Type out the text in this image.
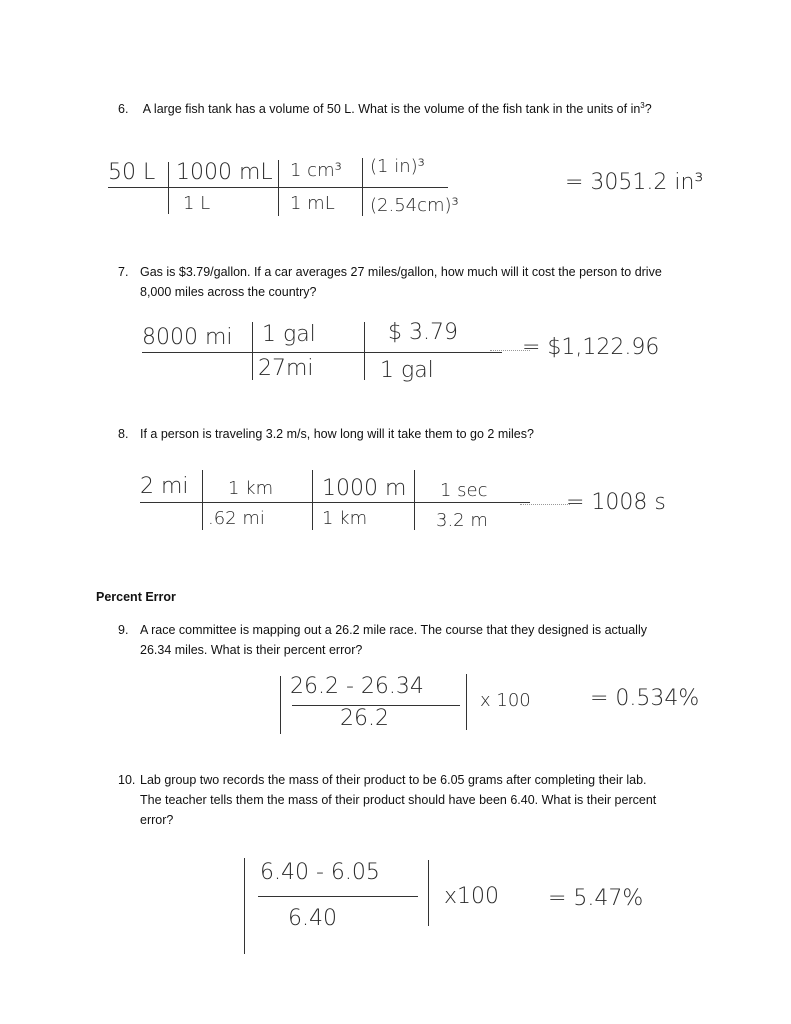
6. A large fish tank has a volume of 50 L. What is the volume of the fish tank in the units of $in^3$?
50 L 1000 mL
1 L
1 cm³
1 mL
(1 in)³
(2.54cm)³
= 3051.2 in³
7. Gas is $3.79/gallon. If a car averages 27 miles/gallon, how much will it cost the person to drive
8,000 miles across the country?
8000 mi 1 gal
27mi
$ 3.79
1 gal
= $1,122.96
8. If a person is traveling 3.2 m/s, how long will it take them to go 2 miles?
2 mi 1 km
.62 mi
1000 m
1 km
1 sec
3.2 m
= 1008 s
Percent Error
9. A race committee is mapping out a 26.2 mile race. The course that they designed is actually
26.34 miles. What is their percent error?
26.2 - 26.34
26.2
x 100	= 0.534%
10. Lab group two records the mass of their product to be 6.05 grams after completing their lab.
The teacher tells them the mass of their product should have been 6.40. What is their percent
error?
6.40 - 6.05
6.40
x100 = 5.47%
